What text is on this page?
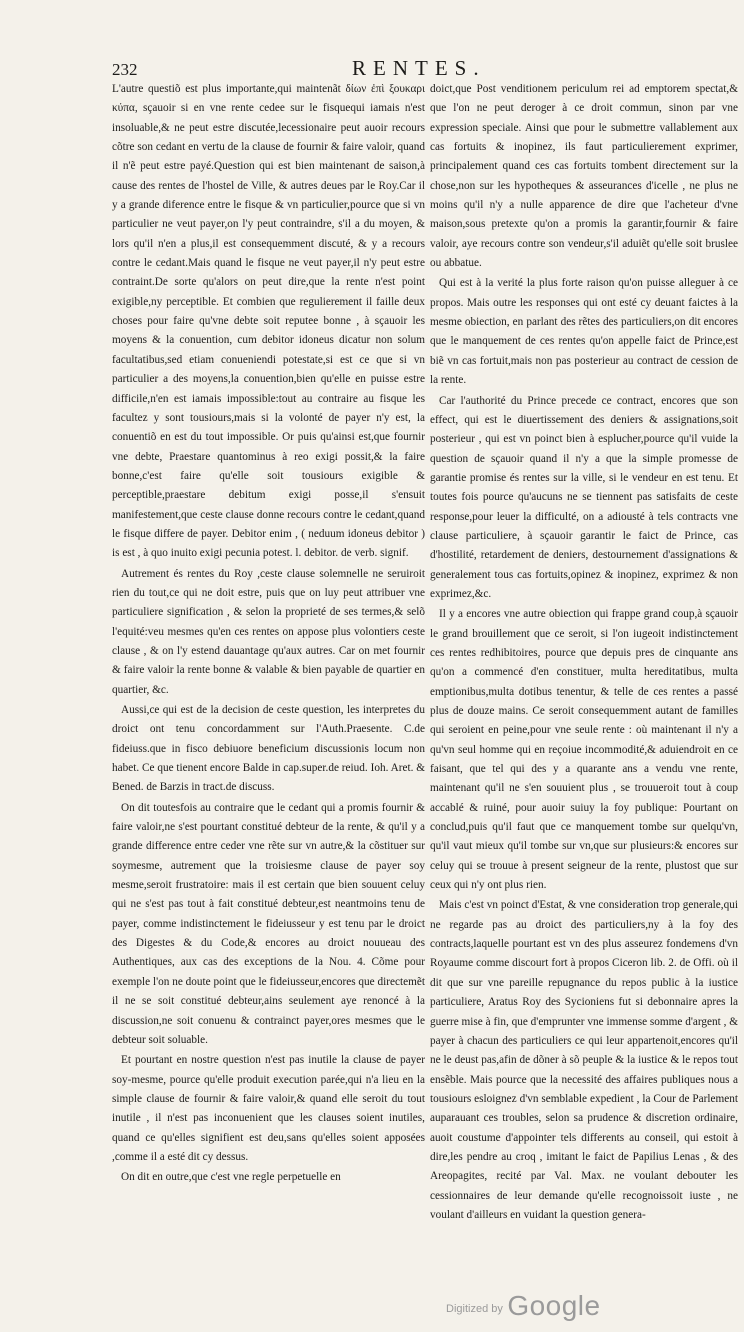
232	RENTES.

L'autre questiõ est plus importante,qui maintenãt δίων ἐπὶ ξουκαρι κύπα, sçauoir si en vne rente cedee sur le fisquequi iamais n'est insoluable,& ne peut estre discutée,lecessionaire peut auoir recours cõtre son cedant en vertu de la clause de fournir & faire valoir, quand il n'ẽ peut estre payé.Question qui est bien maintenant de saison,à cause des rentes de l'hostel de Ville, & autres deues par le Roy.Car il y a grande diference entre le fisque & vn particulier,pource que si vn particulier ne veut payer,on l'y peut contraindre, s'il a du moyen, & lors qu'il n'en a plus,il est consequemment discuté, & y a recours contre le cedant.Mais quand le fisque ne veut payer,il n'y peut estre contraint.De sorte qu'alors on peut dire,que la rente n'est point exigible,ny perceptible. Et combien que regulierement il faille deux choses pour faire qu'vne debte soit reputee bonne , à sçauoir les moyens & la conuention, cum debitor idoneus dicatur non solum facultatibus,sed etiam conueniendi potestate,si est ce que si vn particulier a des moyens,la conuention,bien qu'elle en puisse estre difficile,n'en est iamais impossible:tout au contraire au fisque les facultez y sont tousiours,mais si la volonté de payer n'y est, la conuentiõ en est du tout impossible. Or puis qu'ainsi est,que fournir vne debte, Praestare quantominus à reo exigi possit,& la faire bonne,c'est faire qu'elle soit tousiours exigible & perceptible,praestare debitum exigi posse,il s'ensuit manifestement,que ceste clause donne recours contre le cedant,quand le fisque differe de payer. Debitor enim , ( neduum idoneus debitor ) is est , à quo inuito exigi pecunia potest. l. debitor. de verb. signif.

Autrement és rentes du Roy ,ceste clause solemnelle ne seruiroit rien du tout,ce qui ne doit estre, puis que on luy peut attribuer vne particuliere signification , & selon la proprieté de ses termes,& selõ l'equité:veu mesmes qu'en ces rentes on appose plus volontiers ceste clause , & on l'y estend dauantage qu'aux autres. Car on met fournir & faire valoir la rente bonne & valable & bien payable de quartier en quartier, &c.

Aussi,ce qui est de la decision de ceste question, les interpretes du droict ont tenu concordamment sur l'Auth.Praesente. C.de fideiuss.que in fisco debiuore beneficium discussionis locum non habet. Ce que tienent encore Balde in cap.super.de reiud. Ioh. Aret. & Bened. de Barzis in tract.de discuss.

On dit toutesfois au contraire que le cedant qui a promis fournir & faire valoir,ne s'est pourtant constitué debteur de la rente, & qu'il y a grande difference entre ceder vne rẽte sur vn autre,& la cõstituer sur soymesme, autrement que la troisiesme clause de payer soy mesme,seroit frustratoire: mais il est certain que bien souuent celuy qui ne s'est pas tout à fait constitué debteur,est neantmoins tenu de payer, comme indistinctement le fideiusseur y est tenu par le droict des Digestes & du Code,& encores au droict nouueau des Authentiques, aux cas des exceptions de la Nou. 4. Cõme pour exemple l'on ne doute point que le fideiusseur,encores que directemẽt il ne se soit constitué debteur,ains seulement aye renoncé à la discussion,ne soit conuenu & contrainct payer,ores mesmes que le debteur soit soluable.

Et pourtant en nostre question n'est pas inutile la clause de payer soy-mesme, pource qu'elle produit execution parée,qui n'a lieu en la simple clause de fournir & faire valoir,& quand elle seroit du tout inutile , il n'est pas inconuenient que les clauses soient inutiles, quand ce qu'elles signifient est deu,sans qu'elles soient apposées ,comme il a esté dit cy dessus.

On dit en outre,que c'est vne regle perpetuelle en

doict,que Post venditionem periculum rei ad emptorem spectat,& que l'on ne peut deroger à ce droit commun, sinon par vne expression speciale. Ainsi que pour le submettre vallablement aux cas fortuits & inopinez, ils faut particulierement exprimer, principalement quand ces cas fortuits tombent directement sur la chose,non sur les hypotheques & asseurances d'icelle , ne plus ne moins qu'il n'y a nulle apparence de dire que l'acheteur d'vne maison,sous pretexte qu'on a promis la garantir,fournir & faire valoir, aye recours contre son vendeur,s'il aduiẽt qu'elle soit bruslee ou abbatue.

Qui est à la verité la plus forte raison qu'on puisse alleguer à ce propos. Mais outre les responses qui ont esté cy deuant faictes à la mesme obiection, en parlant des rẽtes des particuliers,on dit encores que le manquement de ces rentes qu'on appelle faict de Prince,est biẽ vn cas fortuit,mais non pas posterieur au contract de cession de la rente.

Car l'authorité du Prince precede ce contract, encores que son effect, qui est le diuertissement des deniers & assignations,soit posterieur , qui est vn poinct bien à esplucher,pource qu'il vuide la question de sçauoir quand il n'y a que la simple promesse de garantie promise és rentes sur la ville, si le vendeur en est tenu. Et toutes fois pource qu'aucuns ne se tiennent pas satisfaits de ceste response,pour leuer la difficulté, on a adiousté à tels contracts vne clause particuliere, à sçauoir garantir le faict de Prince, cas d'hostilité, retardement de deniers, destournement d'assignations & generalement tous cas fortuits,opinez & inopinez, exprimez & non exprimez,&c.

Il y a encores vne autre obiection qui frappe grand coup,à sçauoir le grand brouillement que ce seroit, si l'on iugeoit indistinctement ces rentes redhibitoires, pource que depuis pres de cinquante ans qu'on a commencé d'en constituer, multa hereditatibus, multa emptionibus,multa dotibus tenentur, & telle de ces rentes a passé plus de douze mains. Ce seroit consequemment autant de familles qui seroient en peine,pour vne seule rente : où maintenant il n'y a qu'vn seul homme qui en reçoiue incommodité,& aduiendroit en ce faisant, que tel qui des y a quarante ans a vendu vne rente, maintenant qu'il ne s'en souuient plus , se trouueroit tout à coup accablé & ruiné, pour auoir suiuy la foy publique: Pourtant on conclud,puis qu'il faut que ce manquement tombe sur quelqu'vn, qu'il vaut mieux qu'il tombe sur vn,que sur plusieurs:& encores sur celuy qui se trouue à present seigneur de la rente, plustost que sur ceux qui n'y ont plus rien.

Mais c'est vn poinct d'Estat, & vne consideration trop generale,qui ne regarde pas au droict des particuliers,ny à la foy des contracts,laquelle pourtant est vn des plus asseurez fondemens d'vn Royaume comme discourt fort à propos Ciceron lib. 2. de Offi. où il dit que sur vne pareille repugnance du repos public à la iustice particuliere, Aratus Roy des Sycioniens fut si debonnaire apres la guerre mise à fin, que d'emprunter vne immense somme d'argent , & payer à chacun des particuliers ce qui leur appartenoit,encores qu'il ne le deust pas,afin de dõner à sõ peuple & la iustice & le repos tout ensẽble. Mais pource que la necessité des affaires publiques nous a tousiours esloignez d'vn semblable expedient , la Cour de Parlement auparauant ces troubles, selon sa prudence & discretion ordinaire, auoit coustume d'appointer tels differents au conseil, qui estoit à dire,les pendre au croq , imitant le faict de Papilius Lenas , & des Areopagites, recité par Val. Max. ne voulant debouter les cessionnaires de leur demande qu'elle recognoissoit iuste , ne voulant d'ailleurs en vuidant la question genera-

Digitized by Google
